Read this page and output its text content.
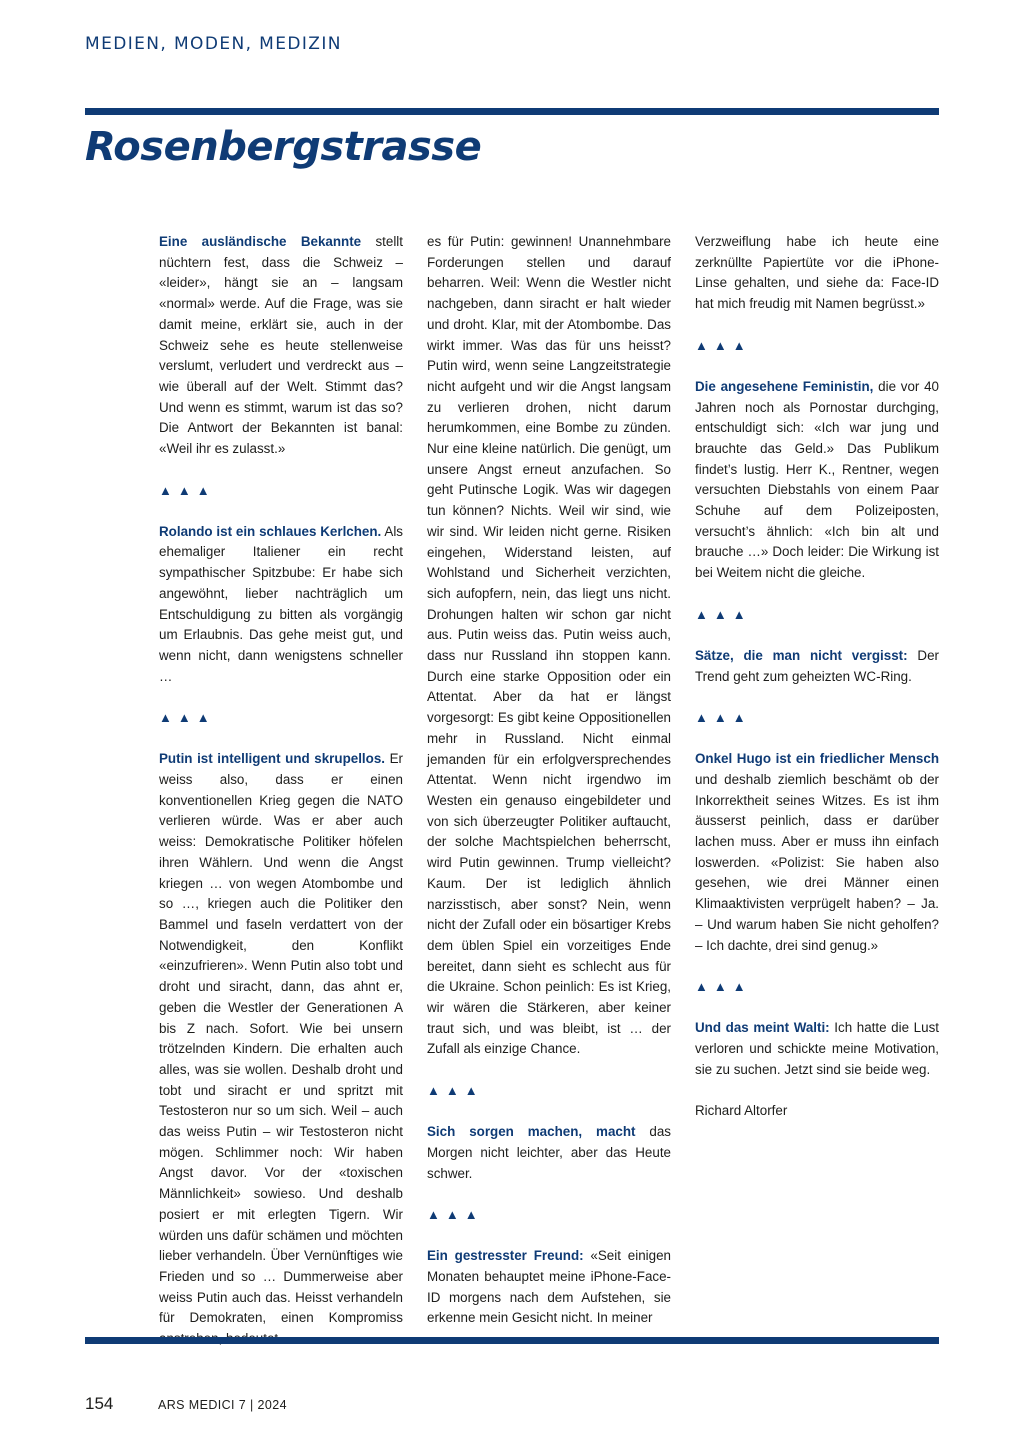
MEDIEN, MODEN, MEDIZIN
Rosenbergstrasse

Eine ausländische Bekannte stellt nüchtern fest, dass die Schweiz – «leider», hängt sie an – langsam «normal» werde. Auf die Frage, was sie damit meine, erklärt sie, auch in der Schweiz sehe es heute stellenweise verslumt, verludert und verdreckt aus – wie überall auf der Welt. Stimmt das? Und wenn es stimmt, warum ist das so? Die Antwort der Bekannten ist banal: «Weil ihr es zulasst.»

▲▲▲

Rolando ist ein schlaues Kerlchen. Als ehemaliger Italiener ein recht sympathischer Spitzbube: Er habe sich angewöhnt, lieber nachträglich um Entschuldigung zu bitten als vorgängig um Erlaubnis. Das gehe meist gut, und wenn nicht, dann wenigstens schneller …

▲▲▲

Putin ist intelligent und skrupellos. Er weiss also, dass er einen konventionellen Krieg gegen die NATO verlieren würde. Was er aber auch weiss: Demokratische Politiker höfelen ihren Wählern. Und wenn die Angst kriegen … von wegen Atombombe und so …, kriegen auch die Politiker den Bammel und faseln verdattert von der Notwendigkeit, den Konflikt «einzufrieren». Wenn Putin also tobt und droht und siracht, dann, das ahnt er, geben die Westler der Generationen A bis Z nach. Sofort. Wie bei unsern trötzelnden Kindern. Die erhalten auch alles, was sie wollen. Deshalb droht und tobt und siracht er und spritzt mit Testosteron nur so um sich. Weil – auch das weiss Putin – wir Testosteron nicht mögen. Schlimmer noch: Wir haben Angst davor. Vor der «toxischen Männlichkeit» sowieso. Und deshalb posiert er mit erlegten Tigern. Wir würden uns dafür schämen und möchten lieber verhandeln. Über Vernünftiges wie Frieden und so … Dummerweise aber weiss Putin auch das. Heisst verhandeln für Demokraten, einen Kompromiss

es für Putin: gewinnen! Unannehmbare Forderungen stellen und darauf beharren. Weil: Wenn die Westler nicht nachgeben, dann siracht er halt wieder und droht. Klar, mit der Atombombe. Das wirkt immer. Was das für uns heisst? Putin wird, wenn seine Langzeitstrategie nicht aufgeht und wir die Angst langsam zu verlieren drohen, nicht darum herumkommen, eine Bombe zu zünden. Nur eine kleine natürlich. Die genügt, um unsere Angst erneut anzufachen. So geht Putinsche Logik. Was wir dagegen tun können? Nichts. Weil wir sind, wie wir sind. Wir leiden nicht gerne. Risiken eingehen, Widerstand leisten, auf Wohlstand und Sicherheit verzichten, sich aufopfern, nein, das liegt uns nicht. Drohungen halten wir schon gar nicht aus. Putin weiss das. Putin weiss auch, dass nur Russland ihn stoppen kann. Durch eine starke Opposition oder ein Attentat. Aber da hat er längst vorgesorgt: Es gibt keine Oppositionellen mehr in Russland. Nicht einmal jemanden für ein erfolgversprechendes Attentat. Wenn nicht irgendwo im Westen ein genauso eingebildeter und von sich überzeugter Politiker auftaucht, der solche Machtspielchen beherrscht, wird Putin gewinnen. Trump vielleicht? Kaum. Der ist lediglich ähnlich narzisstisch, aber sonst? Nein, wenn nicht der Zufall oder ein bösartiger Krebs dem üblen Spiel ein vorzeitiges Ende bereitet, dann sieht es schlecht aus für die Ukraine. Schon peinlich: Es ist Krieg, wir wären die Stärkeren, aber keiner traut sich, und was bleibt, ist … der Zufall als einzige Chance.

▲▲▲

Sich sorgen machen, macht das Morgen nicht leichter, aber das Heute schwer.

▲▲▲

Ein gestresster Freund: «Seit einigen Monaten behauptet meine iPhone-Face-ID morgens nach dem Aufstehen, sie erkenne mein Gesicht nicht. In meiner

Verzweiflung habe ich heute eine zerknüllte Papiertüte vor die iPhone-Linse gehalten, und siehe da: Face-ID hat mich freudig mit Namen begrüsst.»

▲▲▲

Die angesehene Feministin, die vor 40 Jahren noch als Pornostar durchging, entschuldigt sich: «Ich war jung und brauchte das Geld.» Das Publikum findet’s lustig. Herr K., Rentner, wegen versuchten Diebstahls von einem Paar Schuhe auf dem Polizeiposten, versucht’s ähnlich: «Ich bin alt und brauche …» Doch leider: Die Wirkung ist bei Weitem nicht die gleiche.

▲▲▲

Sätze, die man nicht vergisst: Der Trend geht zum geheizten WC-Ring.

▲▲▲

Onkel Hugo ist ein friedlicher Mensch und deshalb ziemlich beschämt ob der Inkorrektheit seines Witzes. Es ist ihm äusserst peinlich, dass er darüber lachen muss. Aber er muss ihn einfach loswerden. «Polizist: Sie haben also gesehen, wie drei Männer einen Klimaaktivisten verprügelt haben? – Ja. – Und warum haben Sie nicht geholfen? – Ich dachte, drei sind genug.»

▲▲▲

Und das meint Walti: Ich hatte die Lust verloren und schickte meine Motivation, sie zu suchen. Jetzt sind sie beide weg.

Richard Altorfer

154	ARS MEDICI 7 | 2024
